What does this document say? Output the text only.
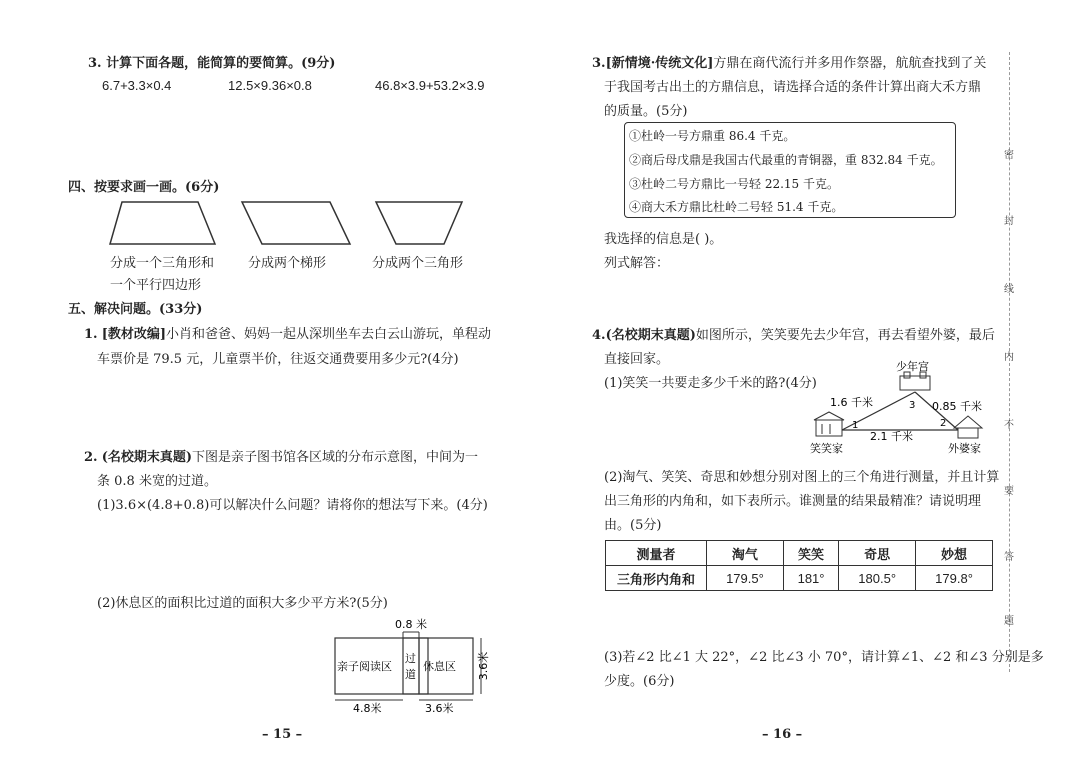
3. 计算下面各题，能简算的要简算。(9分)
6.7+3.3×0.4	12.5×9.36×0.8	46.8×3.9+53.2×3.9
四、按要求画一画。(6分)
分成一个三角形和
一个平行四边形
分成两个梯形	分成两个三角形
五、解决问题。(33分)
1. [教材改编]小肖和爸爸、妈妈一起从深圳坐车去白云山游玩，单程动
车票价是 79.5 元，儿童票半价，往返交通费要用多少元?(4分)
2. (名校期末真题)下图是亲子图书馆各区域的分布示意图，中间为一
条 0.8 米宽的过道。
(1)3.6×(4.8+0.8)可以解决什么问题？请将你的想法写下来。(4分)
(2)休息区的面积比过道的面积大多少平方米?(5分)
0.8 米
亲子阅读区
过
道
休息区 3.6米
4.8米	3.6米
– 15 –
3.[新情境·传统文化]方鼎在商代流行并多用作祭器，航航查找到了关
于我国考古出土的方鼎信息，请选择合适的条件计算出商大禾方鼎
的质量。(5分)
①杜岭一号方鼎重 86.4 千克。
②商后母戊鼎是我国古代最重的青铜器，重 832.84 千克。
③杜岭二号方鼎比一号轻 22.15 千克。
④商大禾方鼎比杜岭二号轻 51.4 千克。
我选择的信息是( )。
列式解答：
4.(名校期末真题)如图所示，笑笑要先去少年宫，再去看望外婆，最后
直接回家。
(1)笑笑一共要走多少千米的路?(4分)
少年宫
1.6 千米	0.85 千米
2.1 千米
1	2
3
笑笑家	外婆家
(2)淘气、笑笑、奇思和妙想分别对图上的三个角进行测量，并且计算
出三角形的内角和，如下表所示。谁测量的结果最精准？请说明理
由。(5分)
测量者	淘气	笑笑	奇思	妙想
三角形内角和	179.5°	181°	180.5°	179.8°
(3)若∠2 比∠1 大 22°，∠2 比∠3 小 70°，请计算∠1、∠2 和∠3 分别是多
少度。(6分)
– 16 –
密
封
线
内
不
要
答
题
